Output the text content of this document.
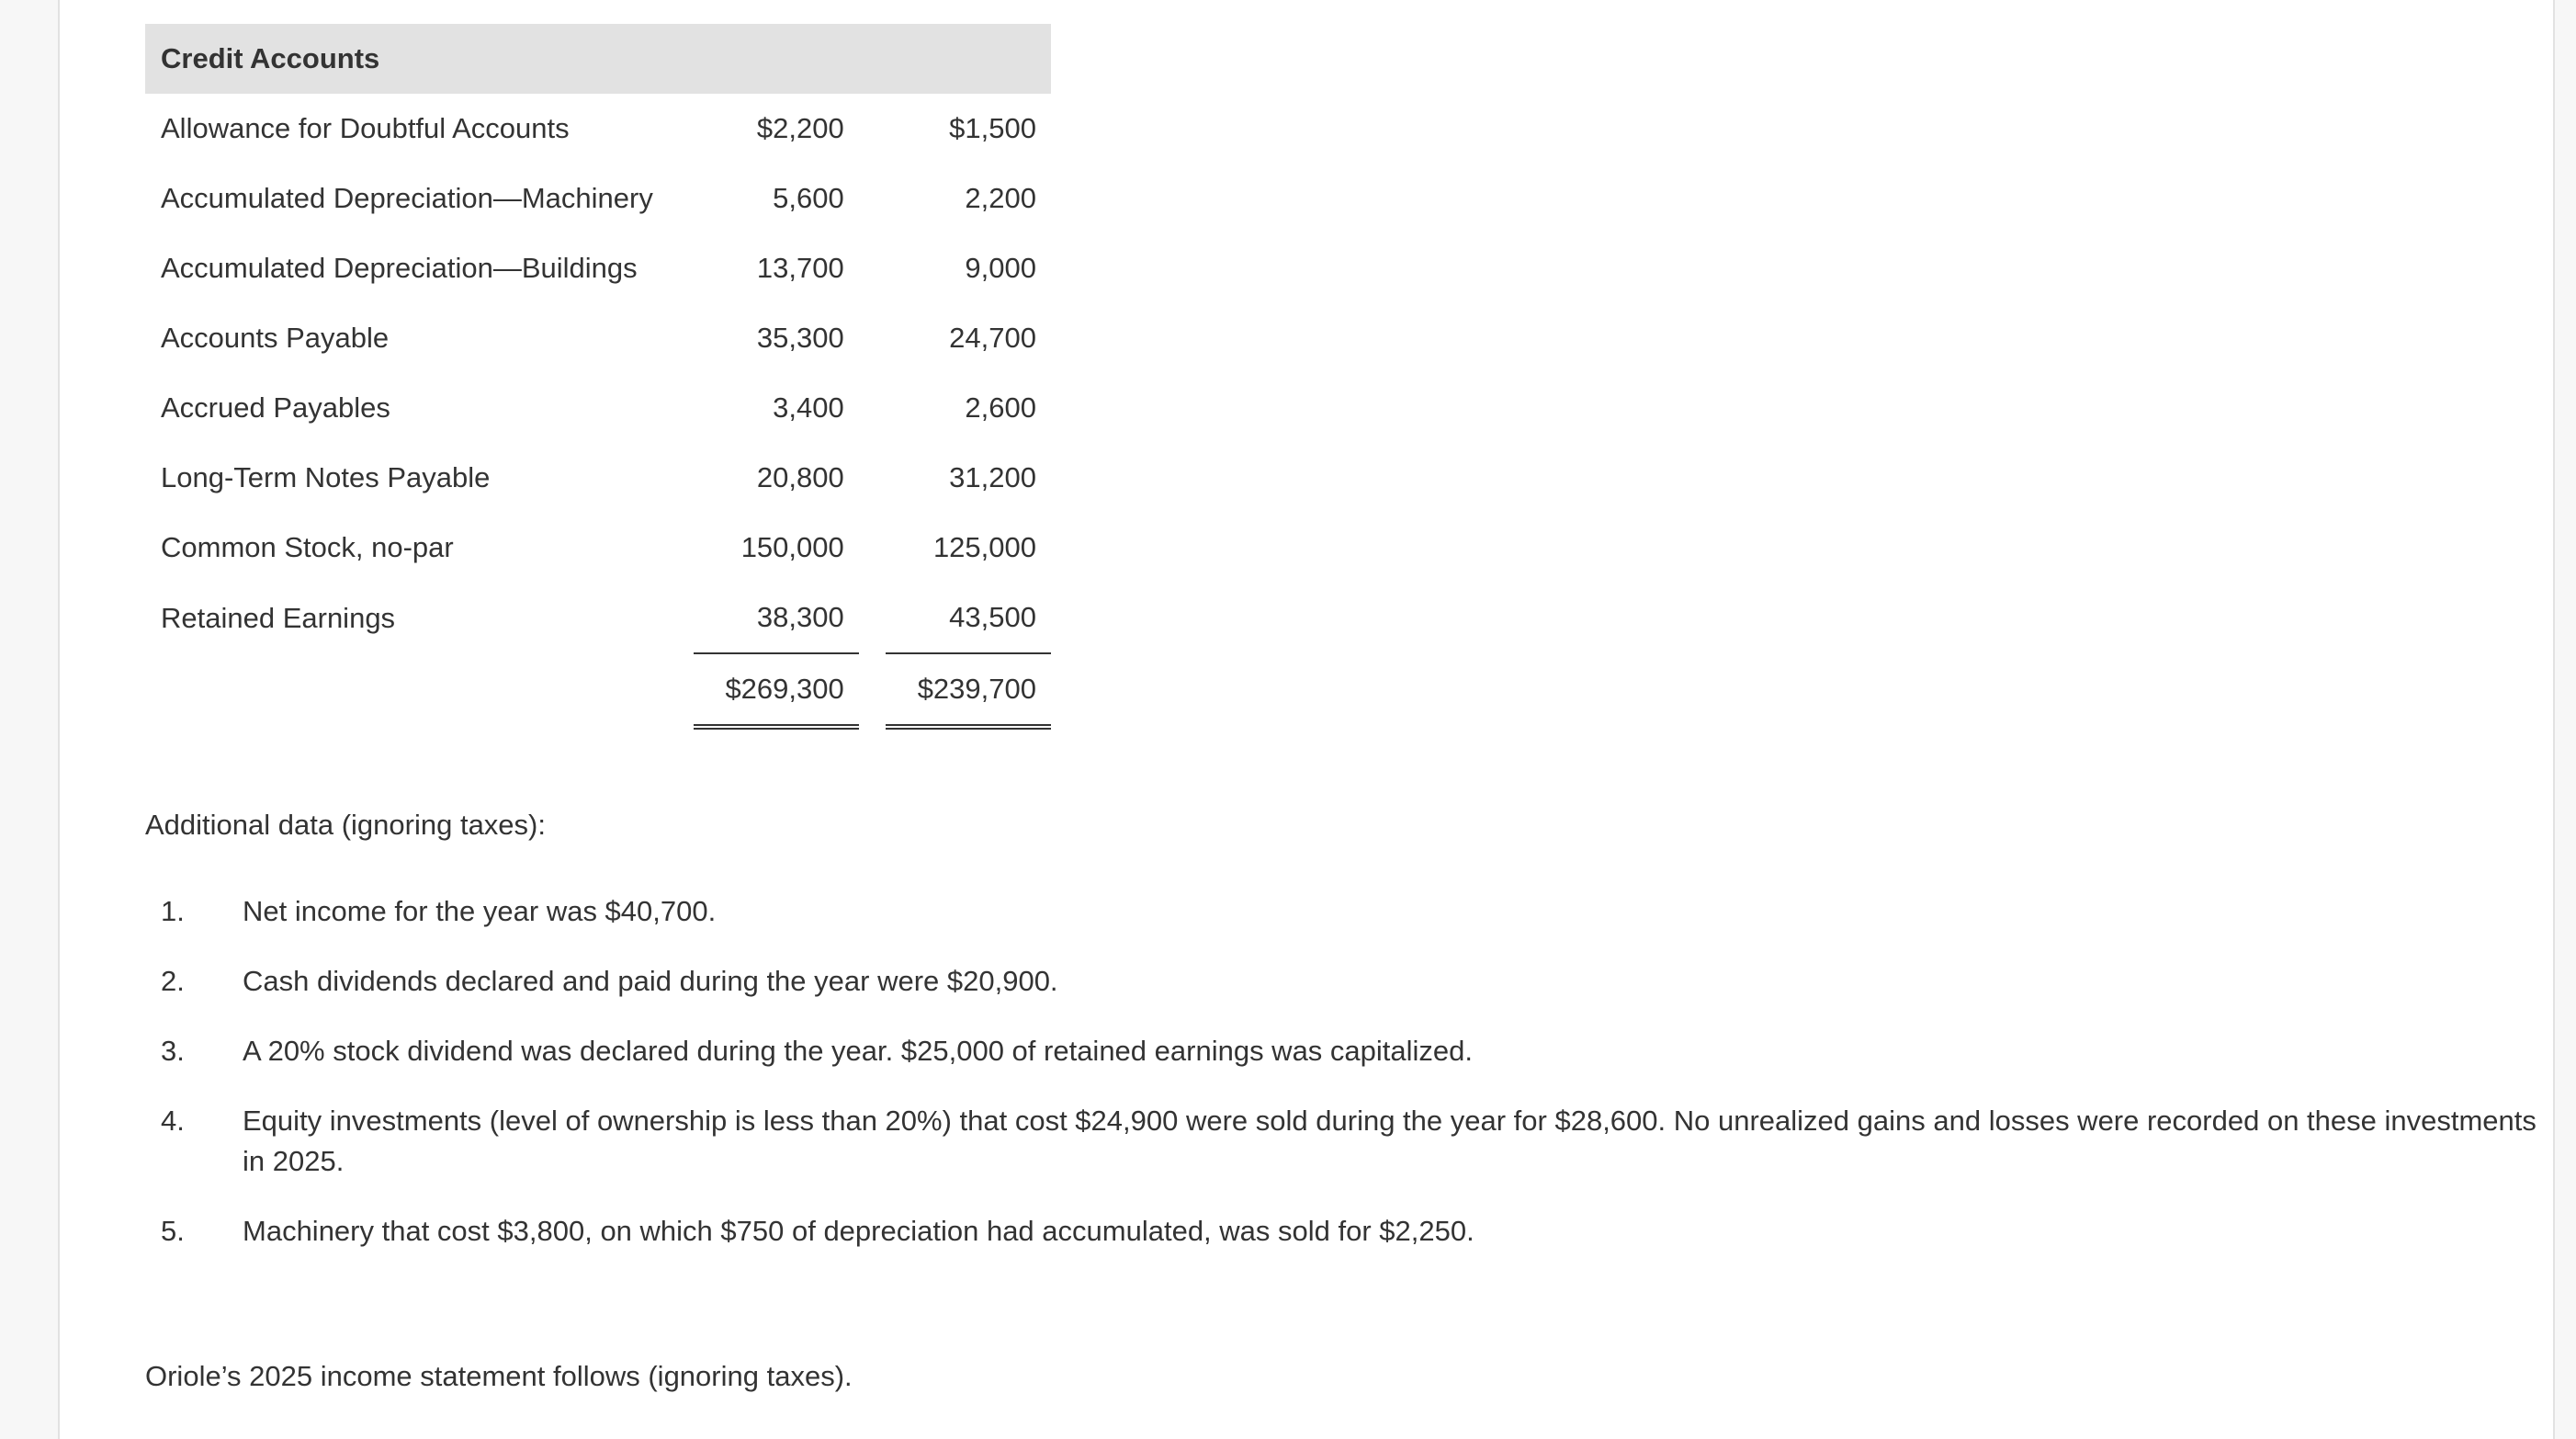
Credit Accounts			
Allowance for Doubtful Accounts	$2,200		$1,500
Accumulated Depreciation—Machinery	5,600		2,200
Accumulated Depreciation—Buildings	13,700		9,000
Accounts Payable	35,300		24,700
Accrued Payables	3,400		2,600
Long-Term Notes Payable	20,800		31,200
Common Stock, no-par	150,000		125,000
Retained Earnings	38,300		43,500
	$269,300		$239,700
Additional data (ignoring taxes):
1.	Net income for the year was $40,700.
2.	Cash dividends declared and paid during the year were $20,900.
3.	A 20% stock dividend was declared during the year. $25,000 of retained earnings was capitalized.
4.	Equity investments (level of ownership is less than 20%) that cost $24,900 were sold during the year for $28,600. No unrealized gains and losses were recorded on these investments in 2025.
5.	Machinery that cost $3,800, on which $750 of depreciation had accumulated, was sold for $2,250.
Oriole’s 2025 income statement follows (ignoring taxes).
